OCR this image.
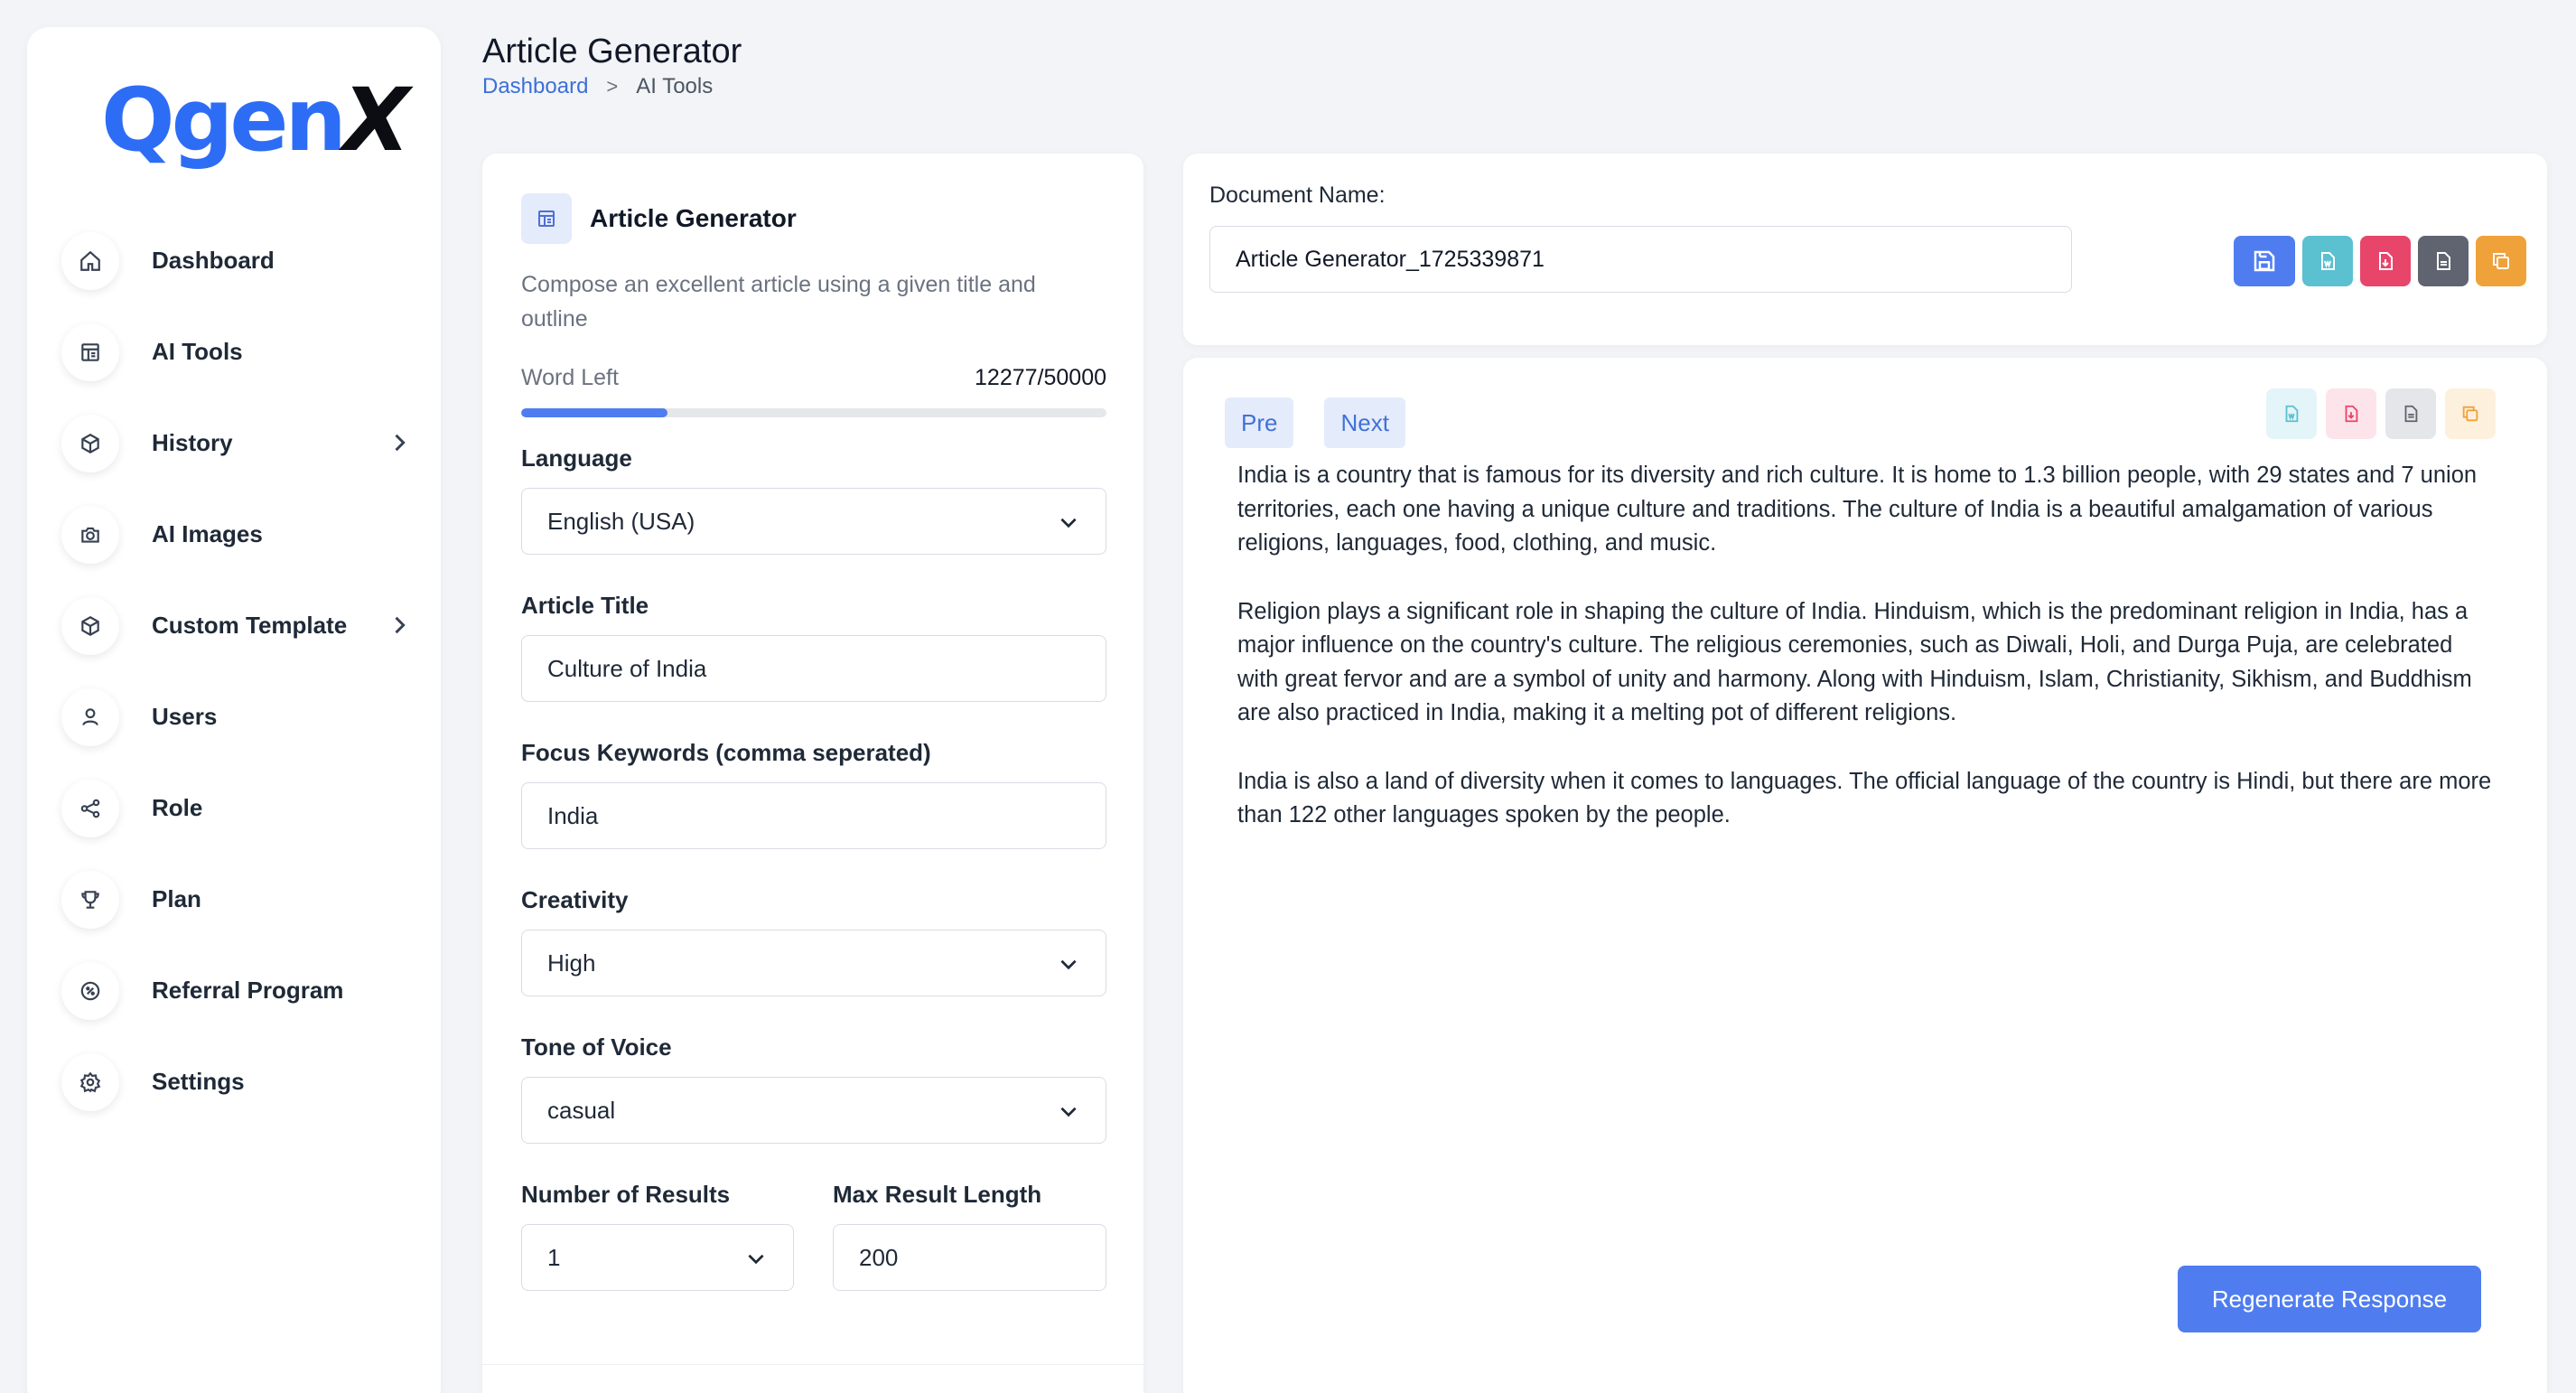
Qgen X
Dashboard
AI Tools
History
AI Images
Custom Template
Users
Role
Plan
Referral Program
Settings
Article Generator
Dashboard > AI Tools
Article Generator
Compose an excellent article using a given title and outline
Word Left	12277/50000
Language
English (USA)
Article Title
Culture of India
Focus Keywords (comma seperated)
India
Creativity
High
Tone of Voice
casual
Number of Results
1
Max Result Length
200
Document Name:
Article Generator_1725339871
Pre	Next

India is a country that is famous for its diversity and rich culture. It is home to 1.3 billion people, with 29 states and 7 union territories, each one having a unique culture and traditions. The culture of India is a beautiful amalgamation of various religions, languages, food, clothing, and music.

Religion plays a significant role in shaping the culture of India. Hinduism, which is the predominant religion in India, has a major influence on the country's culture. The religious ceremonies, such as Diwali, Holi, and Durga Puja, are celebrated with great fervor and are a symbol of unity and harmony. Along with Hinduism, Islam, Christianity, Sikhism, and Buddhism are also practiced in India, making it a melting pot of different religions.

India is also a land of diversity when it comes to languages. The official language of the country is Hindi, but there are more than 122 other languages spoken by the people.

Regenerate Response
